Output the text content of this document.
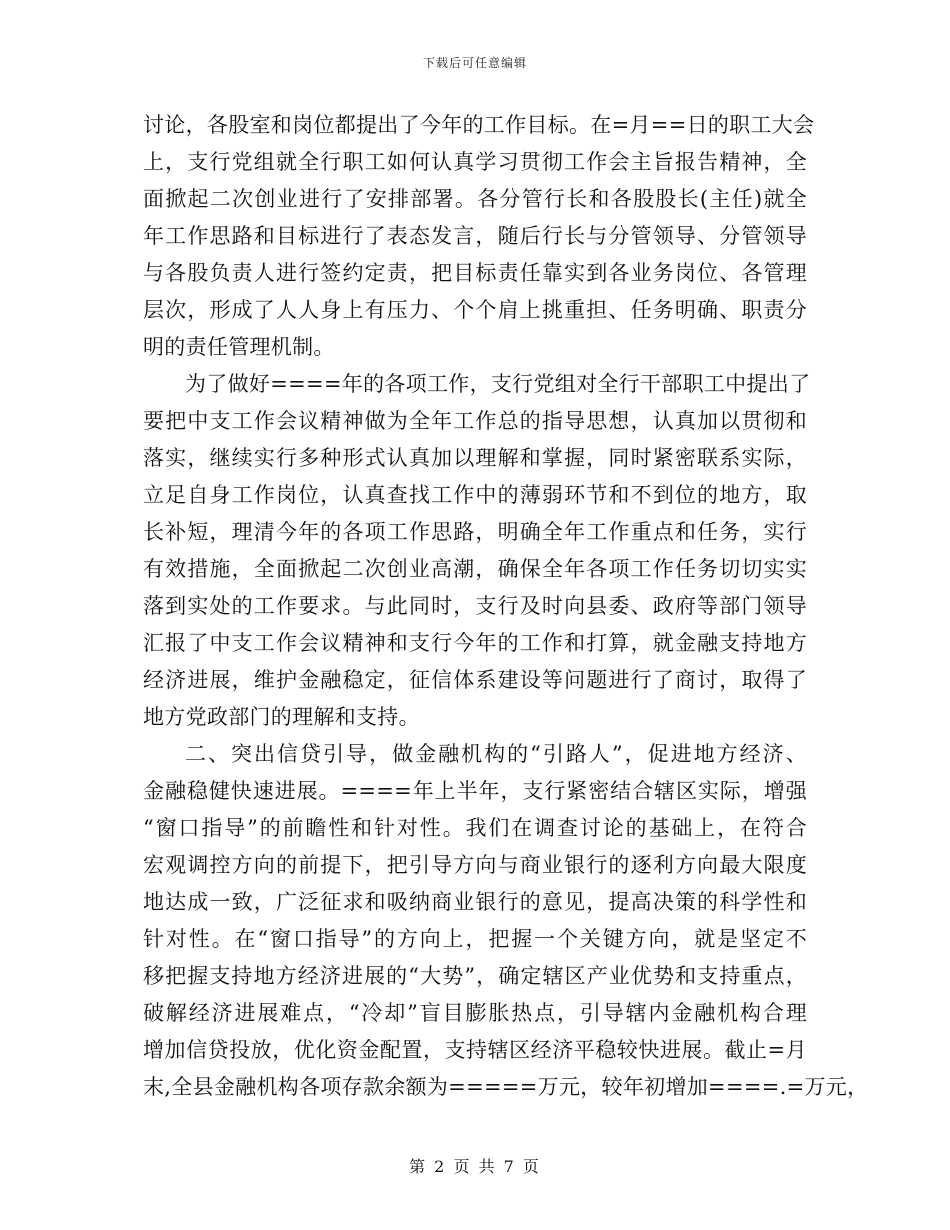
下载后可任意编辑
讨论，各股室和岗位都提出了今年的工作目标。在=月==日的职工大会
上，支行党组就全行职工如何认真学习贯彻工作会主旨报告精神，全
面掀起二次创业进行了安排部署。各分管行长和各股股长(主任)就全
年工作思路和目标进行了表态发言，随后行长与分管领导、分管领导
与各股负责人进行签约定责，把目标责任靠实到各业务岗位、各管理
层次，形成了人人身上有压力、个个肩上挑重担、任务明确、职责分
明的责任管理机制。
为了做好====年的各项工作，支行党组对全行干部职工中提出了
要把中支工作会议精神做为全年工作总的指导思想，认真加以贯彻和
落实，继续实行多种形式认真加以理解和掌握，同时紧密联系实际，
立足自身工作岗位，认真查找工作中的薄弱环节和不到位的地方，取
长补短，理清今年的各项工作思路，明确全年工作重点和任务，实行
有效措施，全面掀起二次创业高潮，确保全年各项工作任务切切实实
落到实处的工作要求。与此同时，支行及时向县委、政府等部门领导
汇报了中支工作会议精神和支行今年的工作和打算，就金融支持地方
经济进展，维护金融稳定，征信体系建设等问题进行了商讨，取得了
地方党政部门的理解和支持。
二、突出信贷引导，做金融机构的“引路人”，促进地方经济、
金融稳健快速进展。====年上半年，支行紧密结合辖区实际，增强
“窗口指导”的前瞻性和针对性。我们在调查讨论的基础上，在符合
宏观调控方向的前提下，把引导方向与商业银行的逐利方向最大限度
地达成一致，广泛征求和吸纳商业银行的意见，提高决策的科学性和
针对性。在“窗口指导”的方向上，把握一个关键方向，就是坚定不
移把握支持地方经济进展的“大势”，确定辖区产业优势和支持重点，
破解经济进展难点，“冷却”盲目膨胀热点，引导辖内金融机构合理
增加信贷投放，优化资金配置，支持辖区经济平稳较快进展。截止=月
末,全县金融机构各项存款余额为=====万元，较年初增加====.=万元，
第 2 页 共 7 页
